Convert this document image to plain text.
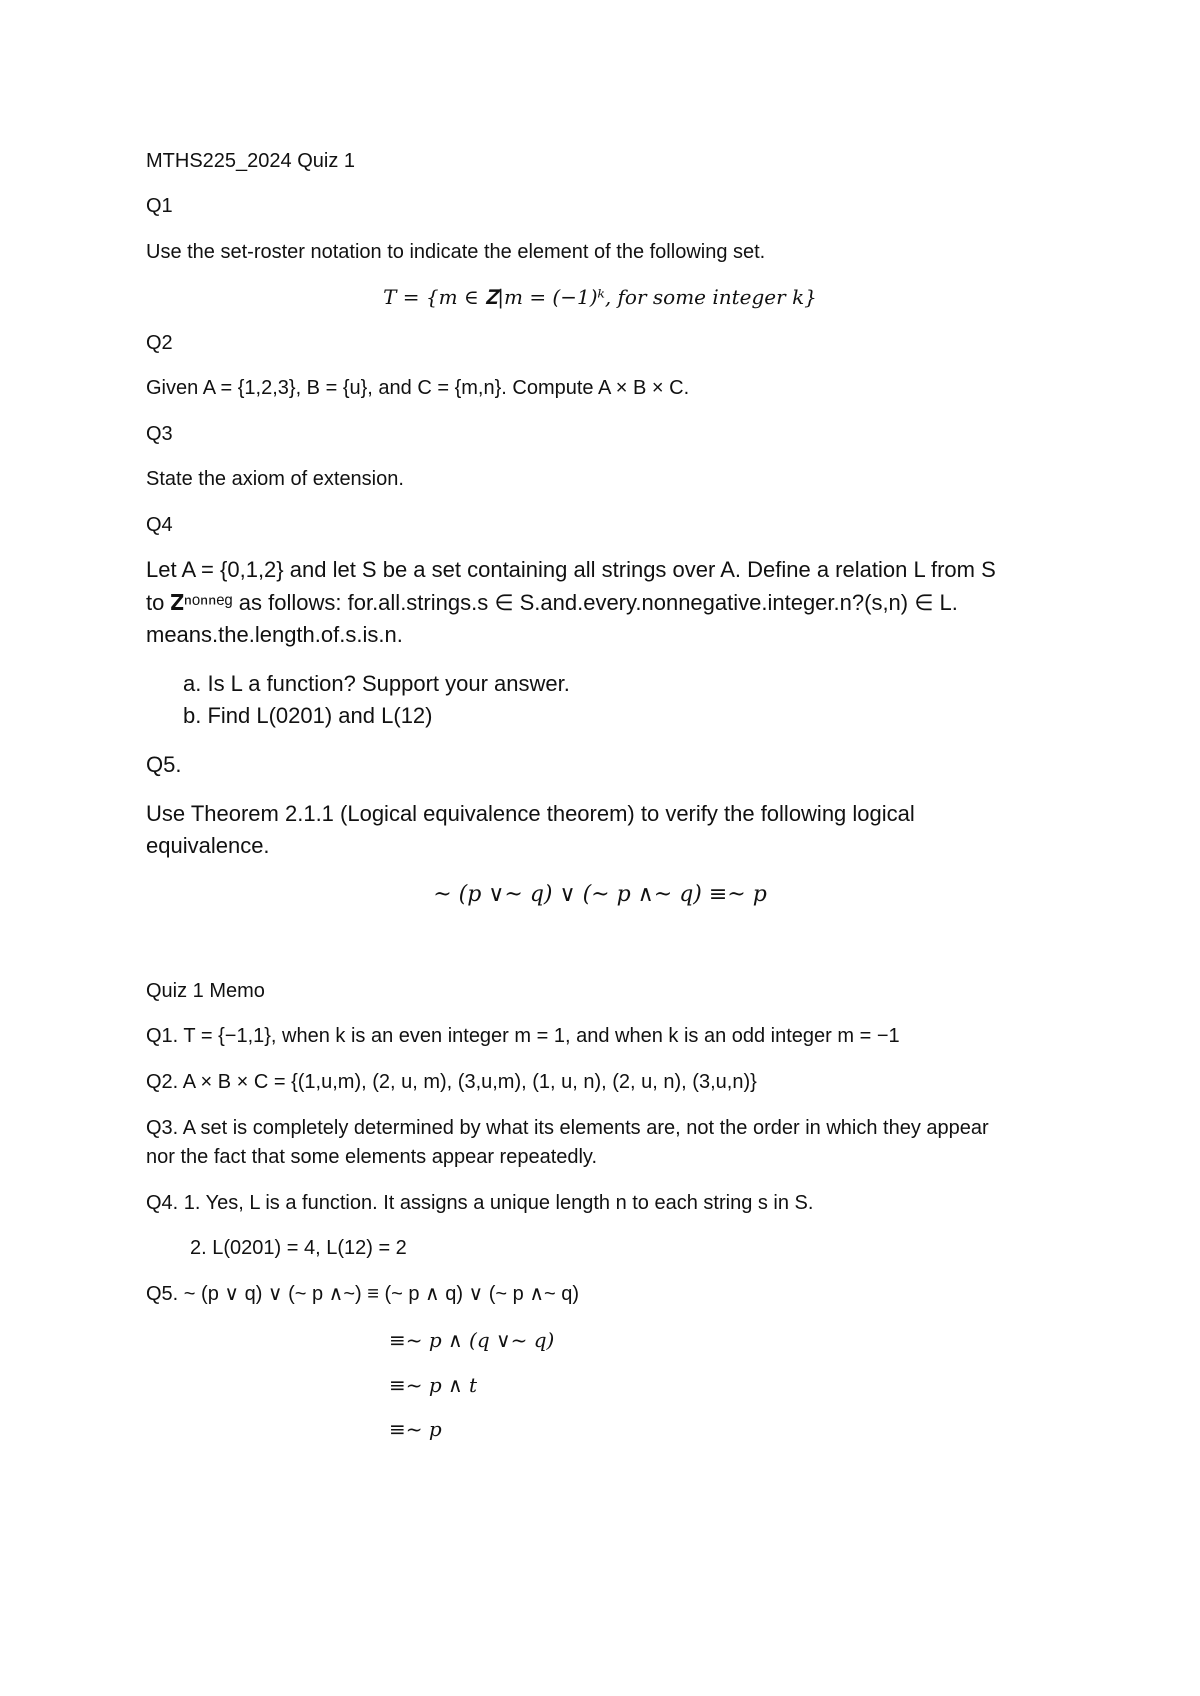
MTHS225_2024 Quiz 1
Q1
Use the set-roster notation to indicate the element of the following set.
T = {m ∈ 𝐙|m = (−1)ᵏ, for some integer k}
Q2
Given A = {1,2,3}, B = {u}, and C = {m,n}. Compute A × B × C.
Q3
State the axiom of extension.
Q4
Let A = {0,1,2} and let S be a set containing all strings over A. Define a relation L from S
to 𝐙ⁿᵒⁿⁿᵉᵍ as follows: for.all.strings.s ∈ S.and.every.nonnegative.integer.n?(s,n) ∈ L.
means.the.length.of.s.is.n.
a. Is L a function? Support your answer.
b. Find L(0201) and L(12)
Q5.
Use Theorem 2.1.1 (Logical equivalence theorem) to verify the following logical
equivalence.
~ (p ∨~ q) ∨ (~ p ∧~ q) ≡~ p
Quiz 1 Memo
Q1. T = {−1,1}, when k is an even integer m = 1, and when k is an odd integer m = −1
Q2. A × B × C = {(1,u,m), (2, u, m), (3,u,m), (1, u, n), (2, u, n), (3,u,n)}
Q3. A set is completely determined by what its elements are, not the order in which they appear
nor the fact that some elements appear repeatedly.
Q4. 1. Yes, L is a function. It assigns a unique length n to each string s in S.
2. L(0201) = 4, L(12) = 2
Q5. ~ (p ∨ q) ∨ (~ p ∧~) ≡ (~ p ∧ q) ∨ (~ p ∧~ q)
≡~ p ∧ (q ∨~ q)
≡~ p ∧ t
≡~ p
